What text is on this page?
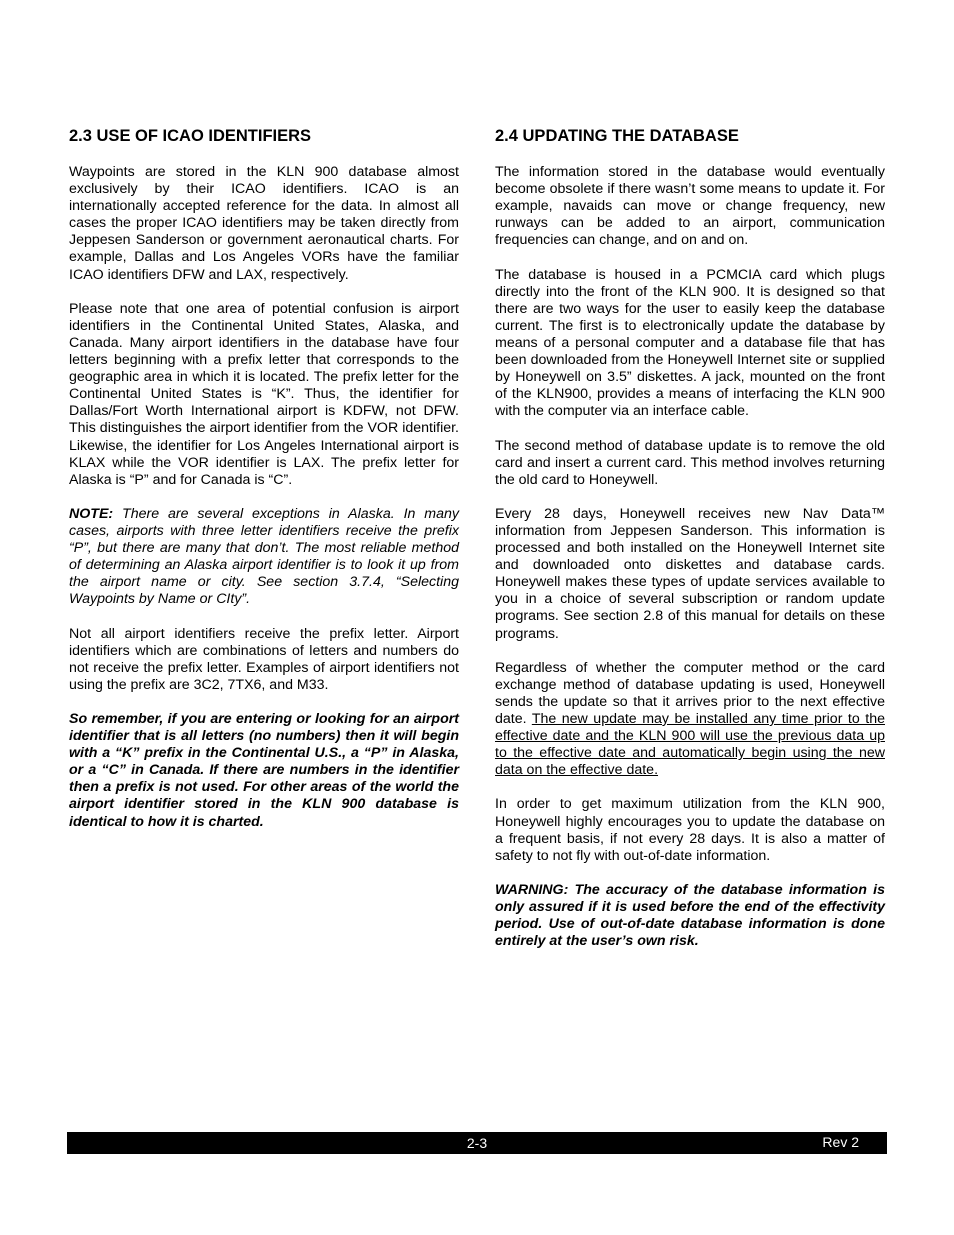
2.3 USE OF ICAO IDENTIFIERS

Waypoints are stored in the KLN 900 database almost exclusively by their ICAO identifiers. ICAO is an internationally accepted reference for the data. In almost all cases the proper ICAO identifiers may be taken directly from Jeppesen Sanderson or government aeronautical charts. For example, Dallas and Los Angeles VORs have the familiar ICAO identifiers DFW and LAX, respectively.

Please note that one area of potential confusion is airport identifiers in the Continental United States, Alaska, and Canada. Many airport identifiers in the database have four letters beginning with a prefix letter that corresponds to the geographic area in which it is located. The prefix letter for the Continental United States is “K”. Thus, the identifier for Dallas/Fort Worth International airport is KDFW, not DFW. This distinguishes the airport identifier from the VOR identifier. Likewise, the identifier for Los Angeles International airport is KLAX while the VOR identifier is LAX. The prefix letter for Alaska is “P” and for Canada is “C”.

NOTE: There are several exceptions in Alaska. In many cases, airports with three letter identifiers receive the prefix “P”, but there are many that don’t. The most reliable method of determining an Alaska airport identifier is to look it up from the airport name or city. See section 3.7.4, “Selecting Waypoints by Name or CIty”.

Not all airport identifiers receive the prefix letter. Airport identifiers which are combinations of letters and numbers do not receive the prefix letter. Examples of airport identifiers not using the prefix are 3C2, 7TX6, and M33.

So remember, if you are entering or looking for an airport identifier that is all letters (no numbers) then it will begin with a “K” prefix in the Continental U.S., a “P” in Alaska, or a “C” in Canada. If there are numbers in the identifier then a prefix is not used. For other areas of the world the airport identifier stored in the KLN 900 database is identical to how it is charted.

2.4 UPDATING THE DATABASE

The information stored in the database would eventually become obsolete if there wasn’t some means to update it. For example, navaids can move or change frequency, new runways can be added to an airport, communication frequencies can change, and on and on.

The database is housed in a PCMCIA card which plugs directly into the front of the KLN 900. It is designed so that there are two ways for the user to easily keep the database current. The first is to electronically update the database by means of a personal computer and a database file that has been downloaded from the Honeywell Internet site or supplied by Honeywell on 3.5” diskettes. A jack, mounted on the front of the KLN900, provides a means of interfacing the KLN 900 with the computer via an interface cable.

The second method of database update is to remove the old card and insert a current card. This method involves returning the old card to Honeywell.

Every 28 days, Honeywell receives new Nav Data™ information from Jeppesen Sanderson. This information is processed and both installed on the Honeywell Internet site and downloaded onto diskettes and database cards. Honeywell makes these types of update services available to you in a choice of several subscription or random update programs. See section 2.8 of this manual for details on these programs.

Regardless of whether the computer method or the card exchange method of database updating is used, Honeywell sends the update so that it arrives prior to the next effective date. The new update may be installed any time prior to the effective date and the KLN 900 will use the previous data up to the effective date and automatically begin using the new data on the effective date.

In order to get maximum utilization from the KLN 900, Honeywell highly encourages you to update the database on a frequent basis, if not every 28 days. It is also a matter of safety to not fly with out-of-date information.

WARNING: The accuracy of the database information is only assured if it is used before the end of the effectivity period. Use of out-of-date database information is done entirely at the user’s own risk.

2-3	Rev 2
